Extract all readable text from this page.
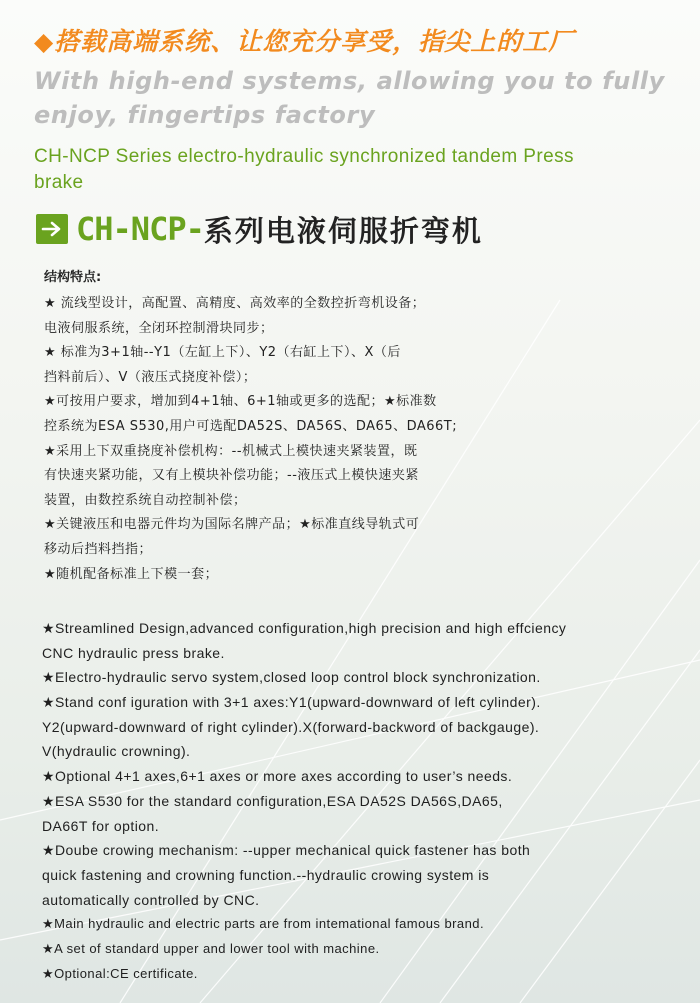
◆搭载高端系统、让您充分享受，指尖上的工厂
With high-end systems, allowing you to fully
enjoy, fingertips factory
CH-NCP Series electro-hydraulic synchronized tandem Press
brake
CH-NCP- 系列电液伺服折弯机
结构特点:
★ 流线型设计，高配置、高精度、高效率的全数控折弯机设备；
电液伺服系统，全闭环控制滑块同步；
★ 标准为3+1轴--Y1（左缸上下）、Y2（右缸上下）、X（后
挡料前后）、V（液压式挠度补偿）；
★可按用户要求，增加到4+1轴、6+1轴或更多的选配；★标准数
控系统为ESA S530,用户可选配DA52S、DA56S、DA65、DA66T;
★采用上下双重挠度补偿机构：--机械式上模快速夹紧装置，既
有快速夹紧功能，又有上模块补偿功能；--液压式上模快速夹紧
装置，由数控系统自动控制补偿；
★关键液压和电器元件均为国际名牌产品；★标准直线导轨式可
移动后挡料挡指；
★随机配备标准上下模一套；
★Streamlined Design,advanced configuration,high precision and high effciency
CNC hydraulic press brake.
★Electro-hydraulic servo system,closed loop control block synchronization.
★Stand conf iguration with 3+1 axes:Y1(upward-downward of left cylinder).
Y2(upward-downward of right cylinder).X(forward-backword of backgauge).
V(hydraulic crowning).
★Optional 4+1 axes,6+1 axes or more axes according to user’s needs.
★ESA S530 for the standard configuration,ESA DA52S DA56S,DA65,
DA66T for option.
★Doube crowing mechanism: --upper mechanical quick fastener has both
quick fastening and crowning function.--hydraulic crowing system is
automatically controlled by CNC.
★Main hydraulic and electric parts are from intemational famous brand.
★A set of standard upper and lower tool with machine.
★Optional:CE certificate.
